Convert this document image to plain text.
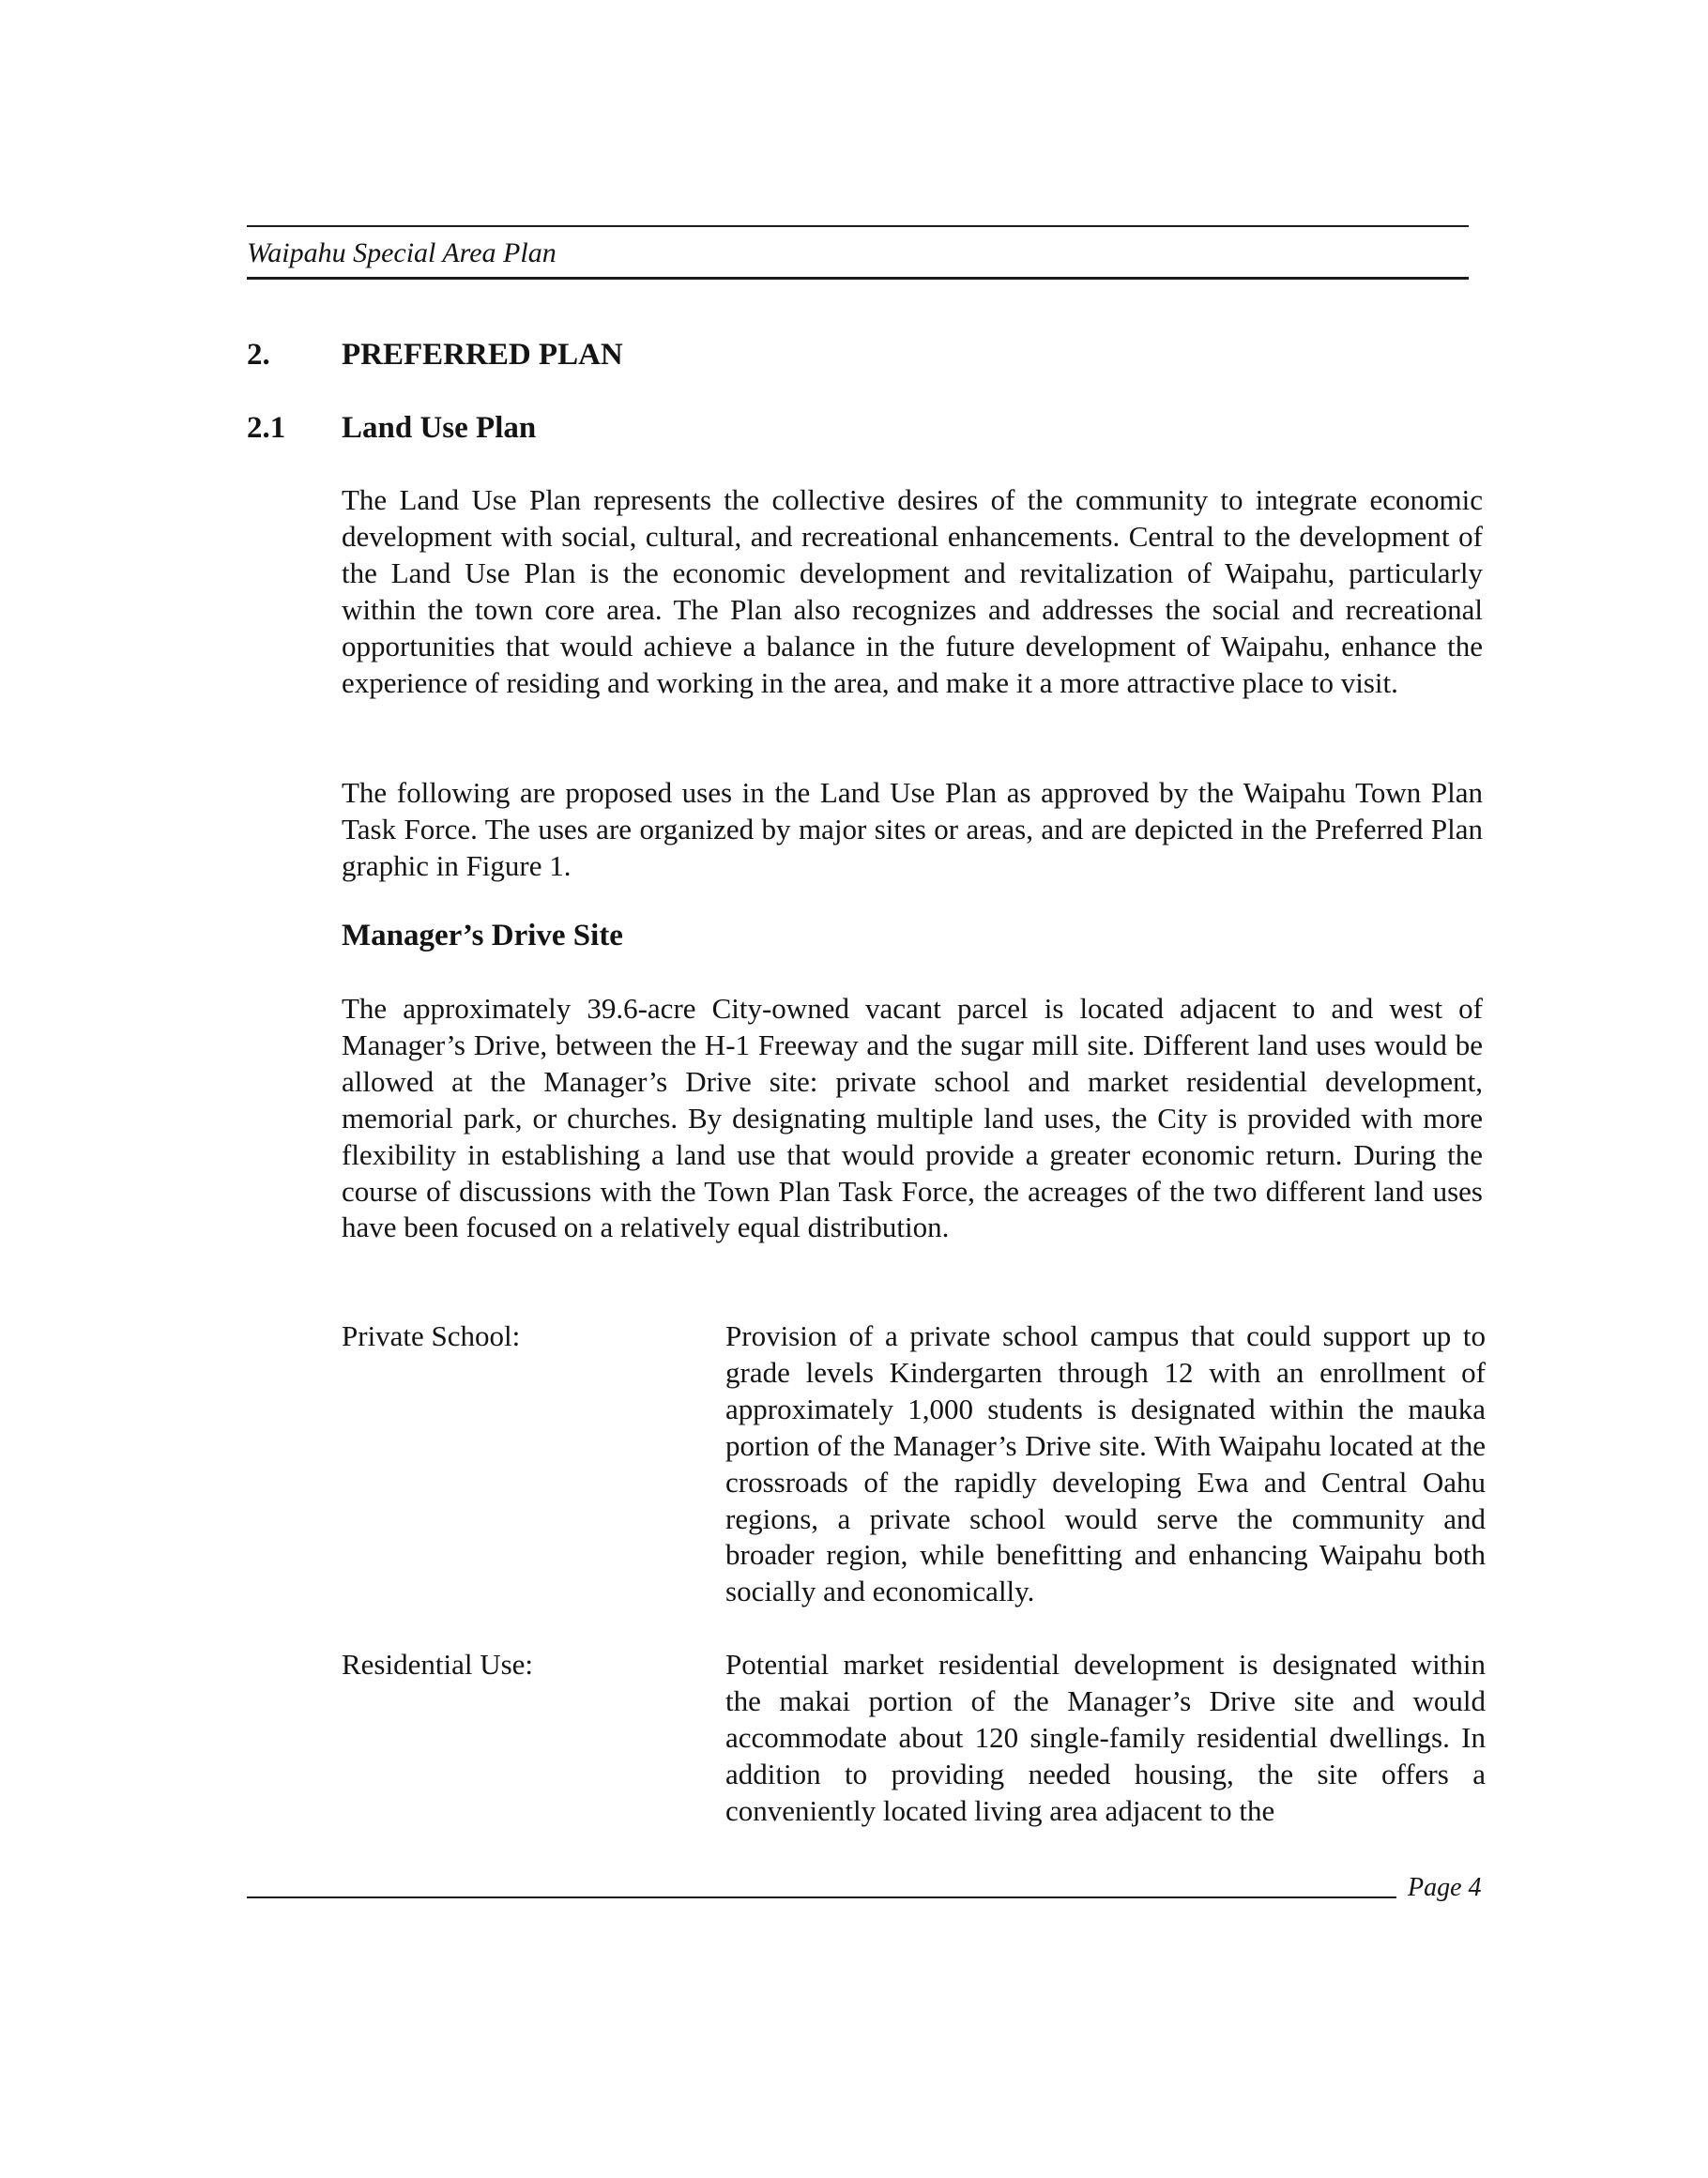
Waipahu Special Area Plan
2. PREFERRED PLAN
2.1 Land Use Plan

The Land Use Plan represents the collective desires of the community to integrate economic development with social, cultural, and recreational enhancements. Central to the development of the Land Use Plan is the economic development and revitalization of Waipahu, particularly within the town core area. The Plan also recognizes and addresses the social and recreational opportunities that would achieve a balance in the future development of Waipahu, enhance the experience of residing and working in the area, and make it a more attractive place to visit.

The following are proposed uses in the Land Use Plan as approved by the Waipahu Town Plan Task Force. The uses are organized by major sites or areas, and are depicted in the Preferred Plan graphic in Figure 1.

Manager’s Drive Site

The approximately 39.6-acre City-owned vacant parcel is located adjacent to and west of Manager’s Drive, between the H-1 Freeway and the sugar mill site. Different land uses would be allowed at the Manager’s Drive site: private school and market residential development, memorial park, or churches. By designating multiple land uses, the City is provided with more flexibility in establishing a land use that would provide a greater economic return. During the course of discussions with the Town Plan Task Force, the acreages of the two different land uses have been focused on a relatively equal distribution.

Private School:	Provision of a private school campus that could support up to grade levels Kindergarten through 12 with an enrollment of approximately 1,000 students is designated within the mauka portion of the Manager’s Drive site. With Waipahu located at the crossroads of the rapidly developing Ewa and Central Oahu regions, a private school would serve the community and broader region, while benefitting and enhancing Waipahu both socially and economically.

Residential Use:	Potential market residential development is designated within the makai portion of the Manager’s Drive site and would accommodate about 120 single-family residential dwellings. In addition to providing needed housing, the site offers a conveniently located living area adjacent to the

Page 4
